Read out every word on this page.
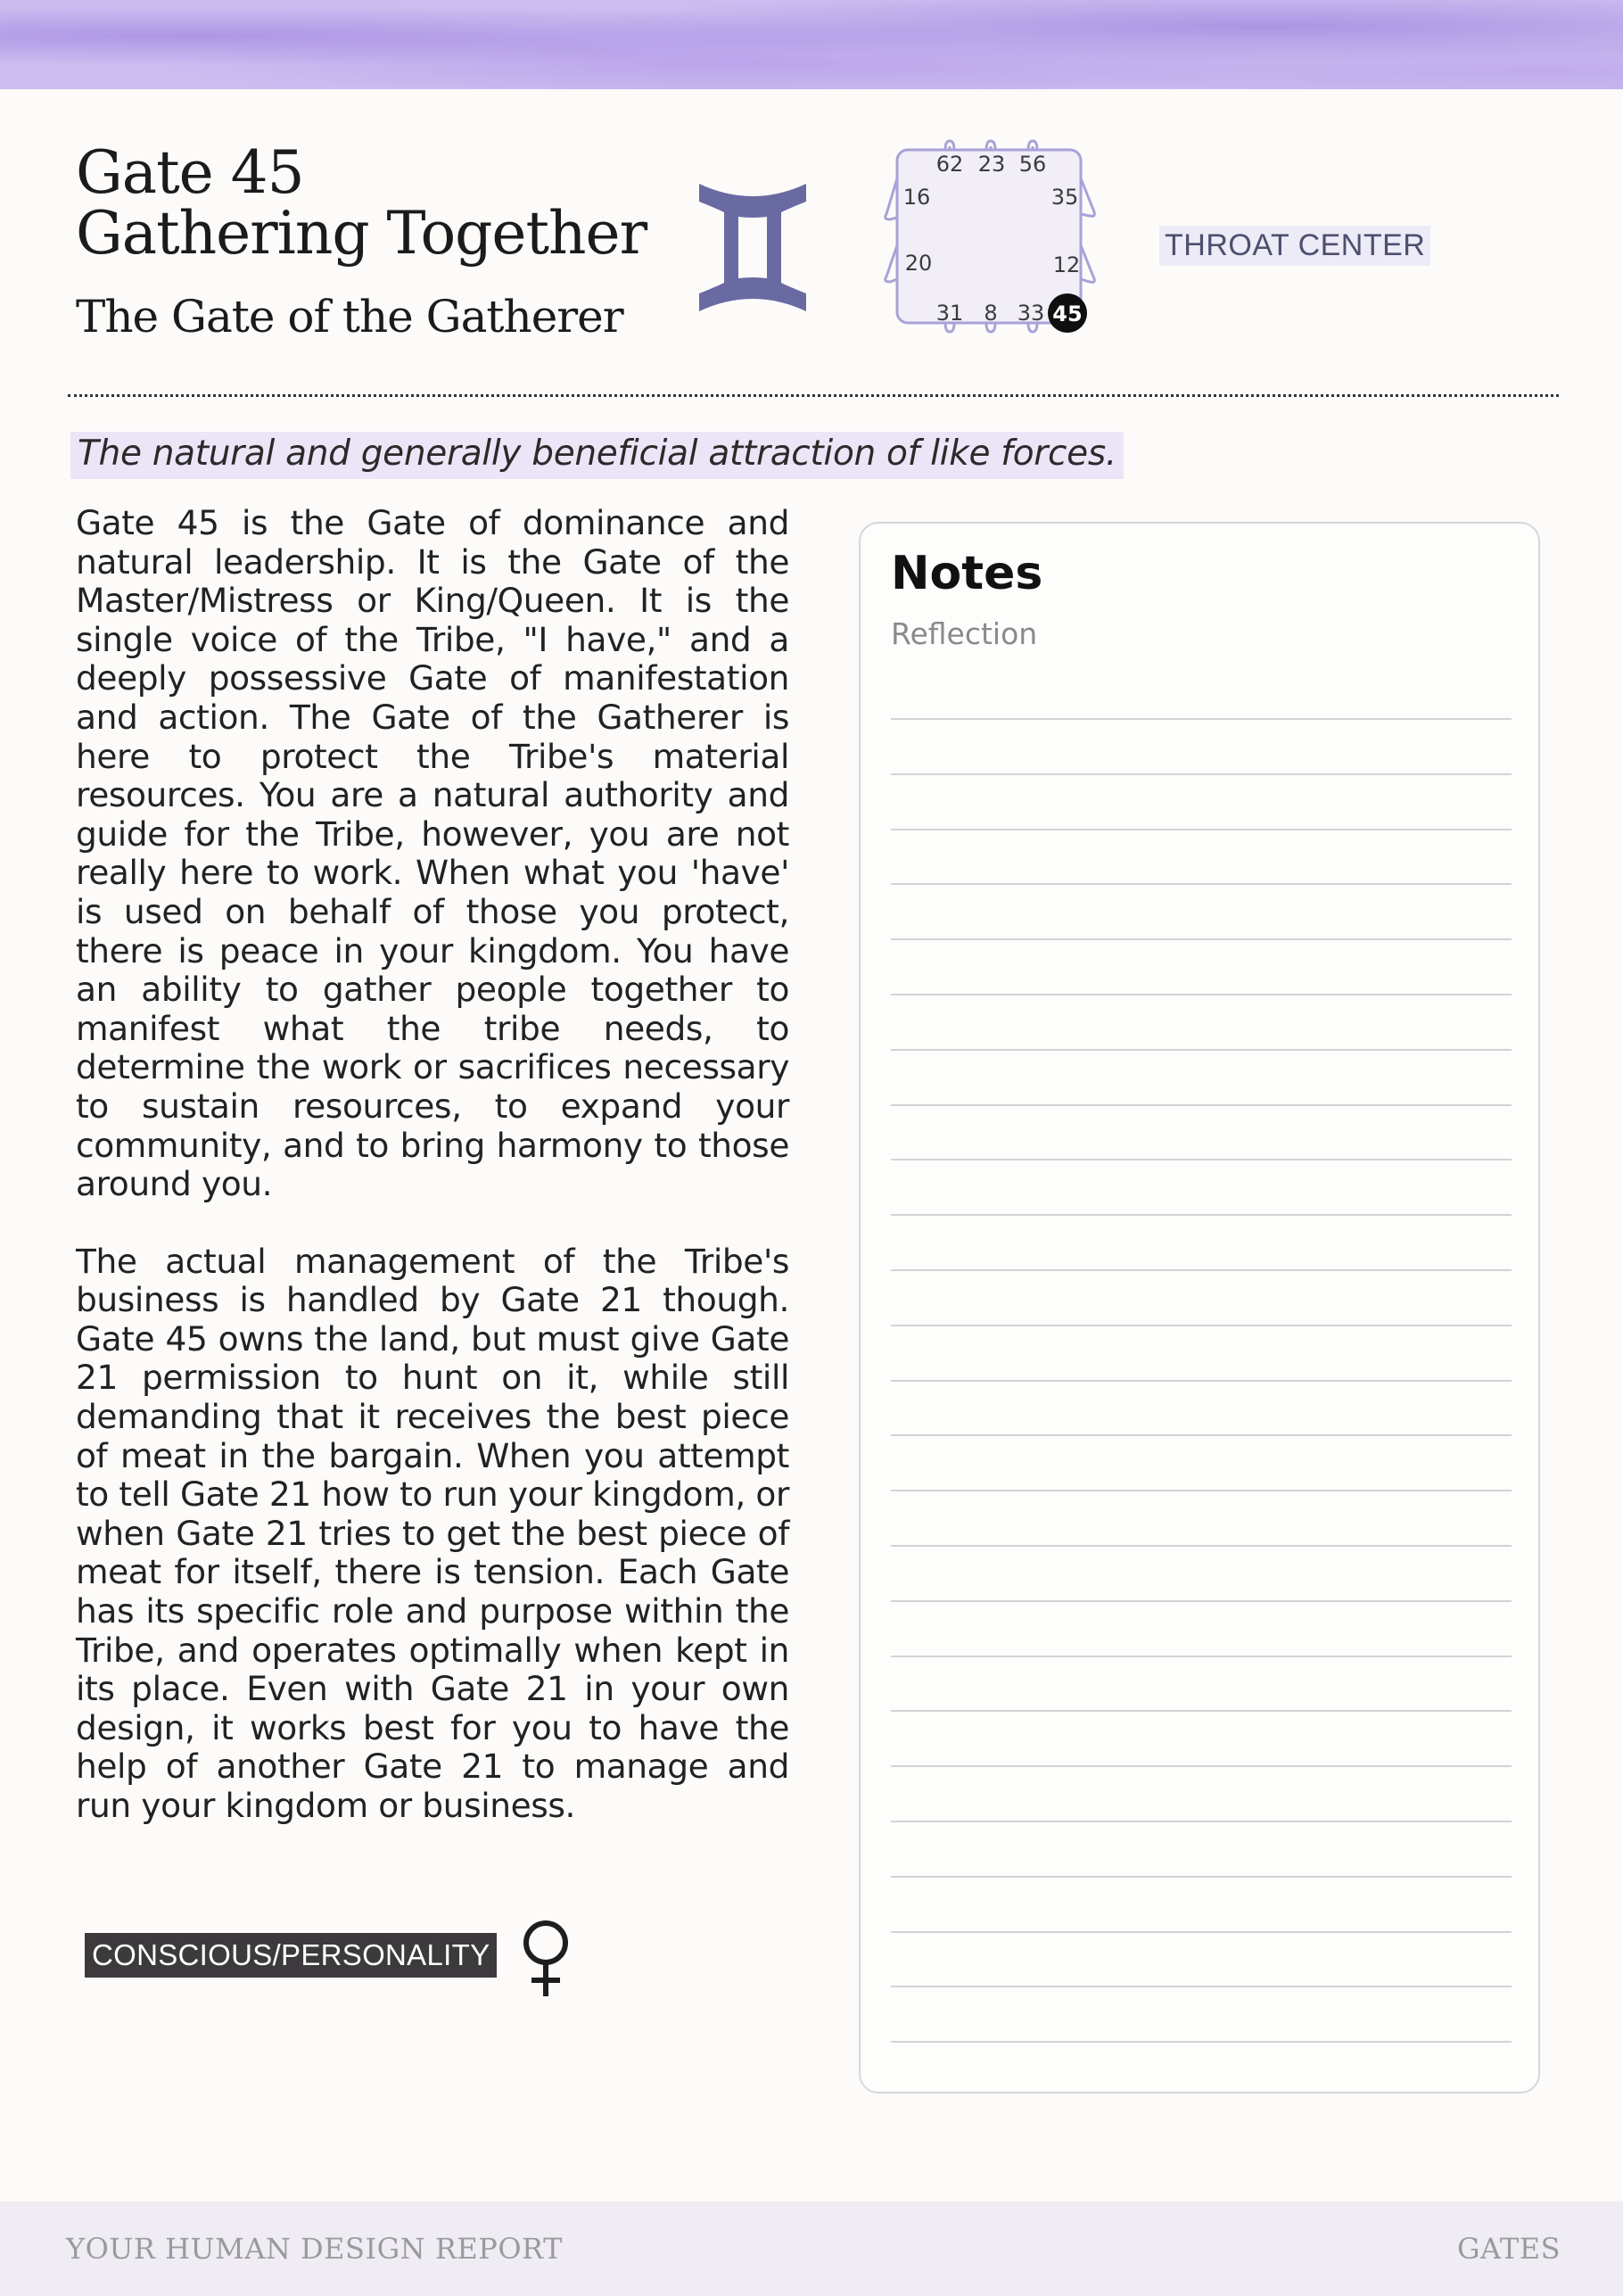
Gate 45
Gathering Together
The Gate of the Gatherer
62 23 56
16	35
20	12
31 8 33 45
THROAT CENTER
The natural and generally beneficial attraction of like forces.

Gate 45 is the Gate of dominance and natural leadership. It is the Gate of the Master/Mistress or King/Queen. It is the single voice of the Tribe, "I have," and a deeply possessive Gate of manifestation and action. The Gate of the Gatherer is here to protect the Tribe's material resources. You are a natural authority and guide for the Tribe, however, you are not really here to work. When what you 'have' is used on behalf of those you protect, there is peace in your kingdom. You have an ability to gather people together to manifest what the tribe needs, to determine the work or sacrifices necessary to sustain resources, to expand your community, and to bring harmony to those around you.

The actual management of the Tribe's business is handled by Gate 21 though. Gate 45 owns the land, but must give Gate 21 permission to hunt on it, while still demanding that it receives the best piece of meat in the bargain. When you attempt to tell Gate 21 how to run your kingdom, or when Gate 21 tries to get the best piece of meat for itself, there is tension. Each Gate has its specific role and purpose within the Tribe, and operates optimally when kept in its place. Even with Gate 21 in your own design, it works best for you to have the help of another Gate 21 to manage and run your kingdom or business.

Notes
Reflection
CONSCIOUS/PERSONALITY
YOUR HUMAN DESIGN REPORT	GATES
